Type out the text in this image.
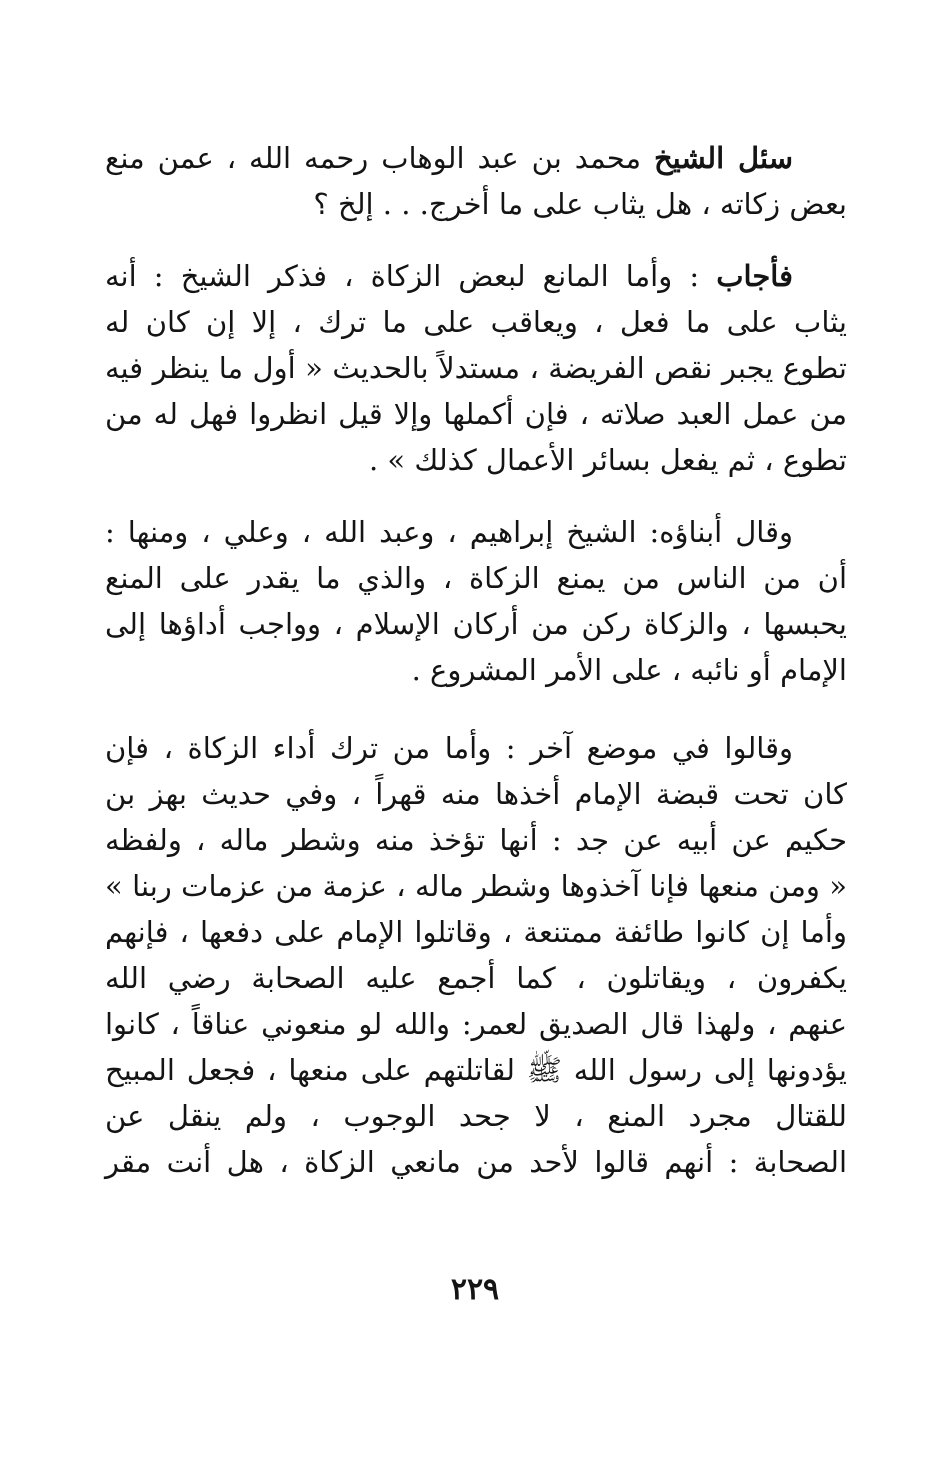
سئل الشيخ محمد بن عبد الوهاب رحمه الله ، عمن منع
بعض زكاته ، هل يثاب على ما أخرج. . . إلخ ؟
فأجاب : وأما المانع لبعض الزكاة ، فذكر الشيخ : أنه
يثاب على ما فعل ، ويعاقب على ما ترك ، إلا إن كان له
تطوع يجبر نقص الفريضة ، مستدلاً بالحديث « أول ما ينظر فيه
من عمل العبد صلاته ، فإن أكملها وإلا قيل انظروا فهل له من
تطوع ، ثم يفعل بسائر الأعمال كذلك » .
وقال أبناؤه: الشيخ إبراهيم ، وعبد الله ، وعلي ، ومنها :
أن من الناس من يمنع الزكاة ، والذي ما يقدر على المنع
يحبسها ، والزكاة ركن من أركان الإسلام ، وواجب أداؤها إلى
الإمام أو نائبه ، على الأمر المشروع .
وقالوا في موضع آخر : وأما من ترك أداء الزكاة ، فإن
كان تحت قبضة الإمام أخذها منه قهراً ، وفي حديث بهز بن
حكيم عن أبيه عن جد : أنها تؤخذ منه وشطر ماله ، ولفظه
« ومن منعها فإنا آخذوها وشطر ماله ، عزمة من عزمات ربنا »
وأما إن كانوا طائفة ممتنعة ، وقاتلوا الإمام على دفعها ، فإنهم
يكفرون ، ويقاتلون ، كما أجمع عليه الصحابة رضي الله
عنهم ، ولهذا قال الصديق لعمر: والله لو منعوني عناقاً ، كانوا
يؤدونها إلى رسول الله ﷺ لقاتلتهم على منعها ، فجعل المبيح
للقتال مجرد المنع ، لا جحد الوجوب ، ولم ينقل عن
الصحابة : أنهم قالوا لأحد من مانعي الزكاة ، هل أنت مقر
٢٢٩
